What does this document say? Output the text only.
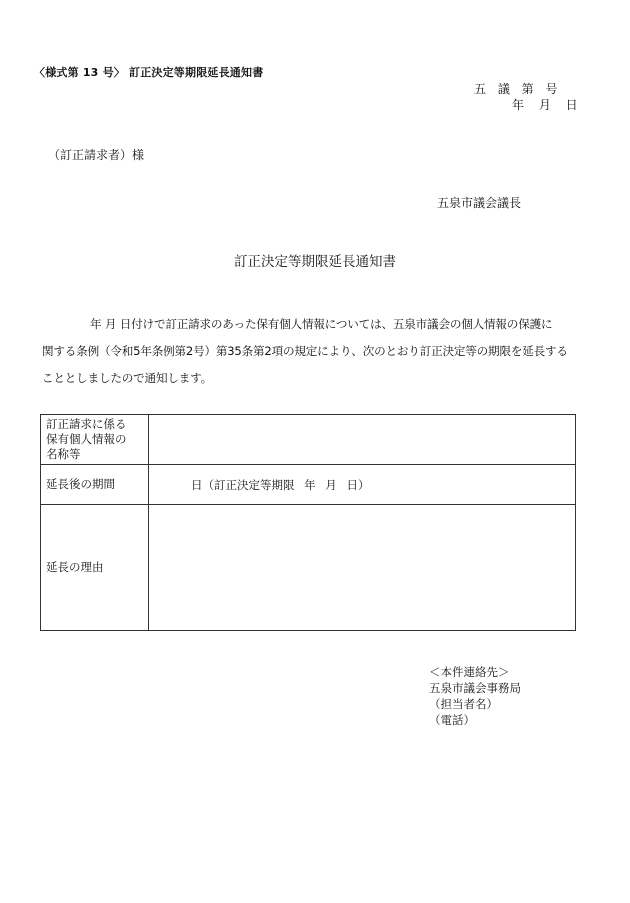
〈様式第 13 号〉 訂正決定等期限延長通知書
五 議 第 号
年 月 日
（訂正請求者）様
五泉市議会議長
訂正決定等期限延長通知書
年 月 日付けで訂正請求のあった保有個人情報については、五泉市議会の個人情報の保護に
関する条例（令和5年条例第2号）第35条第2項の規定により、次のとおり訂正決定等の期限を延長する
こととしましたので通知します。
訂正請求に係る
保有個人情報の
名称等	

延長後の期間	日（訂正決定等期限 年 月 日）
延長の理由	
＜本件連絡先＞
五泉市議会事務局
（担当者名）
（電話）
